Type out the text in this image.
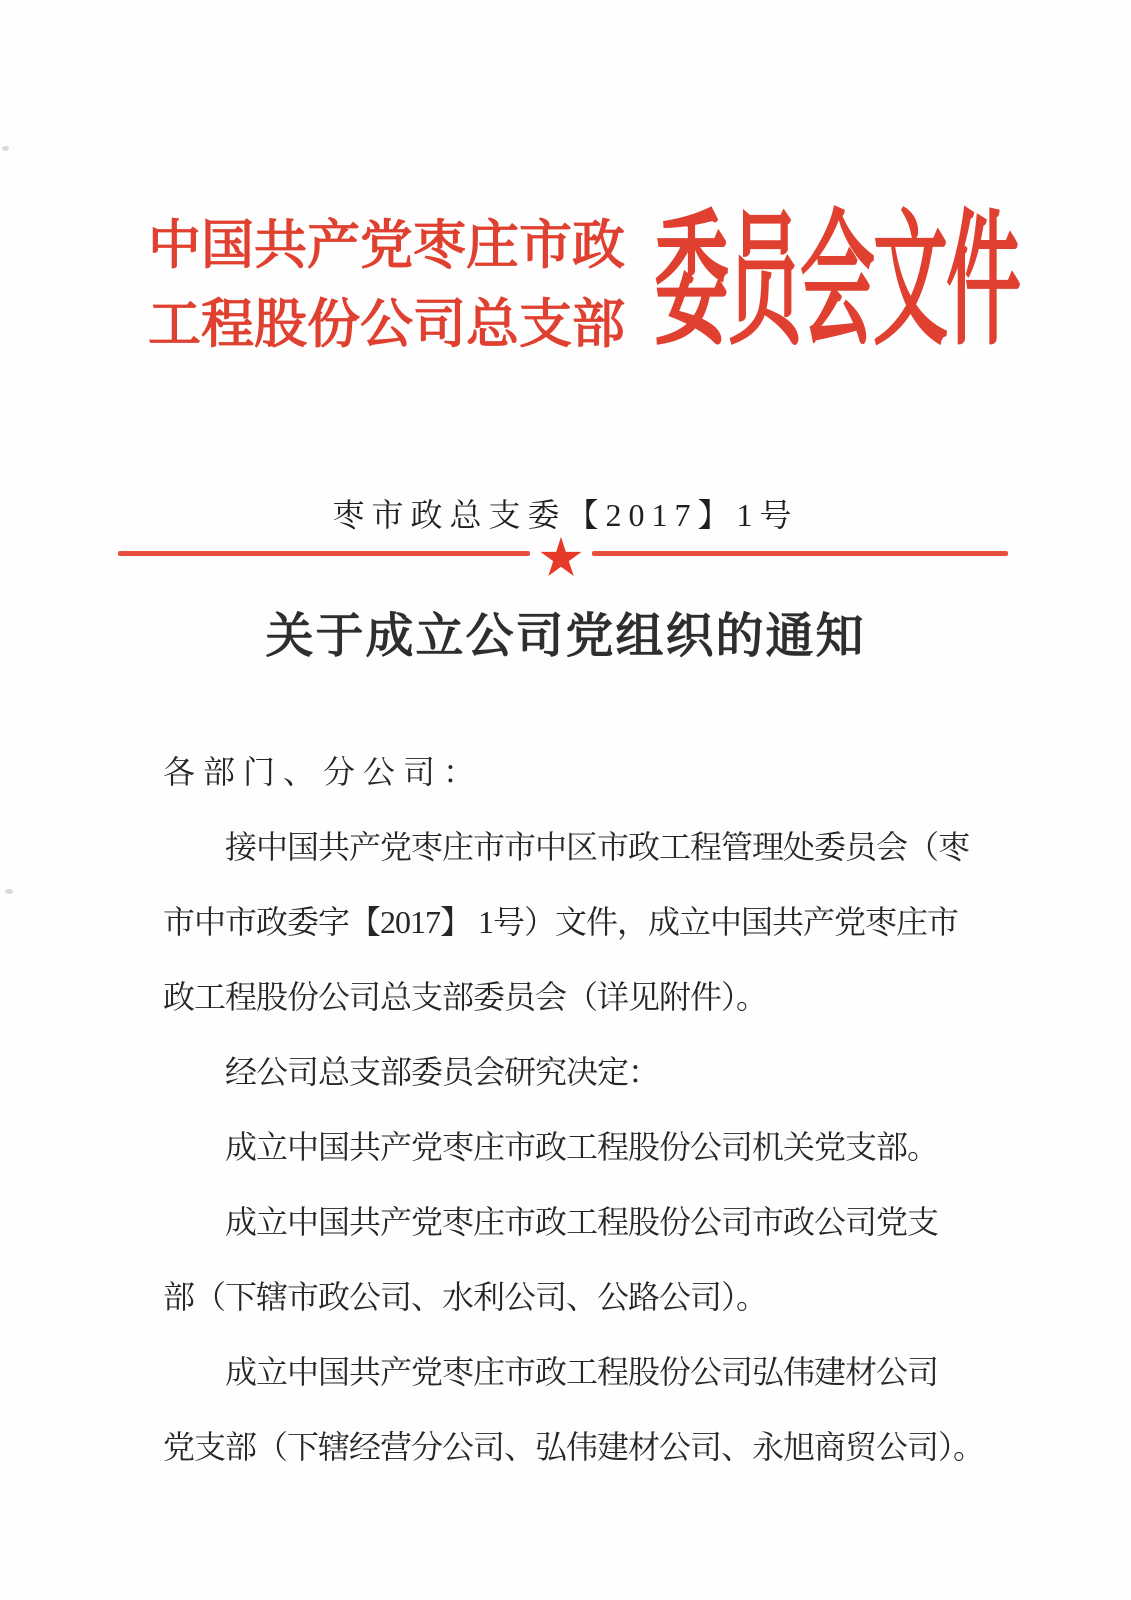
中国共产党枣庄市政
工程股份公司总支部 委员会文件
枣市政总支委【2017】1号
关于成立公司党组织的通知
各部门、分公司：
接中国共产党枣庄市市中区市政工程管理处委员会（枣
市中市政委字【2017】 1号）文件，成立中国共产党枣庄市
政工程股份公司总支部委员会（详见附件）。
经公司总支部委员会研究决定：
成立中国共产党枣庄市政工程股份公司机关党支部。
成立中国共产党枣庄市政工程股份公司市政公司党支
部（下辖市政公司、水利公司、公路公司）。
成立中国共产党枣庄市政工程股份公司弘伟建材公司
党支部（下辖经营分公司、弘伟建材公司、永旭商贸公司）。
